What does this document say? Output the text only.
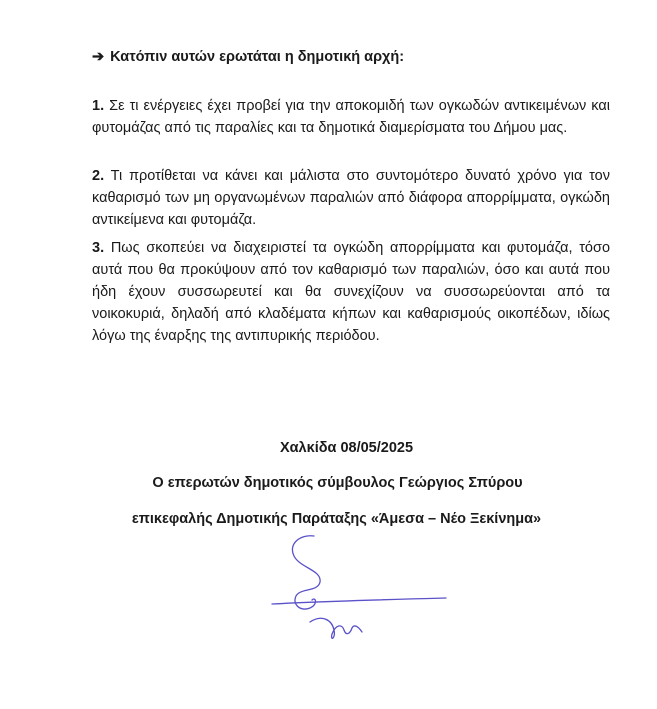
➔ Κατόπιν αυτών ερωτάται η δημοτική αρχή:
1. Σε τι ενέργειες έχει προβεί για την αποκομιδή των ογκωδών αντικειμένων και φυτομάζας από τις παραλίες και τα δημοτικά διαμερίσματα του Δήμου μας.
2. Τι προτίθεται να κάνει και μάλιστα στο συντομότερο δυνατό χρόνο για τον καθαρισμό των μη οργανωμένων παραλιών από διάφορα απορρίμματα, ογκώδη αντικείμενα και φυτομάζα.
3. Πως σκοπεύει να διαχειριστεί τα ογκώδη απορρίμματα και φυτομάζα, τόσο αυτά που θα προκύψουν από τον καθαρισμό των παραλιών, όσο και αυτά που ήδη έχουν συσσωρευτεί και θα συνεχίζουν να συσσωρεύονται από τα νοικοκυριά, δηλαδή από κλαδέματα κήπων και καθαρισμούς οικοπέδων, ιδίως λόγω της έναρξης της αντιπυρικής περιόδου.
Χαλκίδα 08/05/2025
Ο επερωτών δημοτικός σύμβουλος Γεώργιος Σπύρου
επικεφαλής Δημοτικής Παράταξης «Άμεσα – Νέο Ξεκίνημα»
